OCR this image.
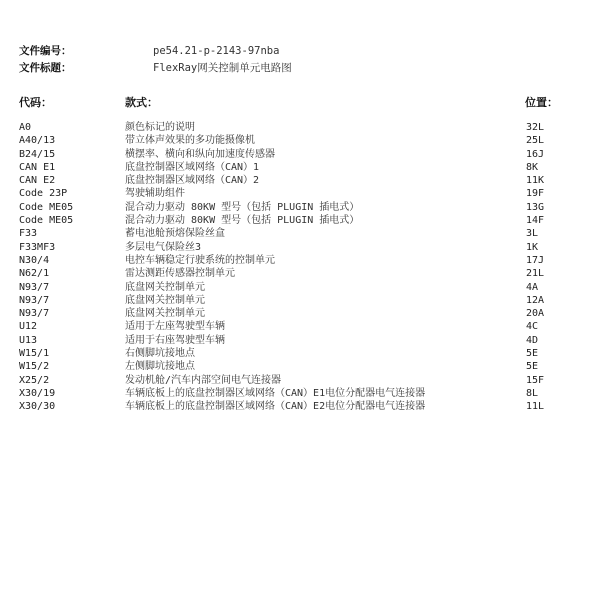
文件编号：	pe54.21-p-2143-97nba
文件标题：	FlexRay网关控制单元电路图
代码：	款式：	位置：
A0	颜色标记的说明	32L
A40/13	带立体声效果的多功能摄像机	25L
B24/15	横摆率、横向和纵向加速度传感器	16J
CAN E1	底盘控制器区域网络（CAN）1	8K
CAN E2	底盘控制器区域网络（CAN）2	11K
Code 23P	驾驶辅助组件	19F
Code ME05	混合动力驱动 80KW 型号（包括 PLUGIN 插电式）	13G
Code ME05	混合动力驱动 80KW 型号（包括 PLUGIN 插电式）	14F
F33	蓄电池舱预熔保险丝盒	3L
F33MF3	多层电气保险丝3	1K
N30/4	电控车辆稳定行驶系统的控制单元	17J
N62/1	雷达测距传感器控制单元	21L
N93/7	底盘网关控制单元	4A
N93/7	底盘网关控制单元	12A
N93/7	底盘网关控制单元	20A
U12	适用于左座驾驶型车辆	4C
U13	适用于右座驾驶型车辆	4D
W15/1	右侧脚坑接地点	5E
W15/2	左侧脚坑接地点	5E
X25/2	发动机舱/汽车内部空间电气连接器	15F
X30/19	车辆底板上的底盘控制器区域网络（CAN）E1电位分配器电气连接器	8L
X30/30	车辆底板上的底盘控制器区域网络（CAN）E2电位分配器电气连接器	11L
